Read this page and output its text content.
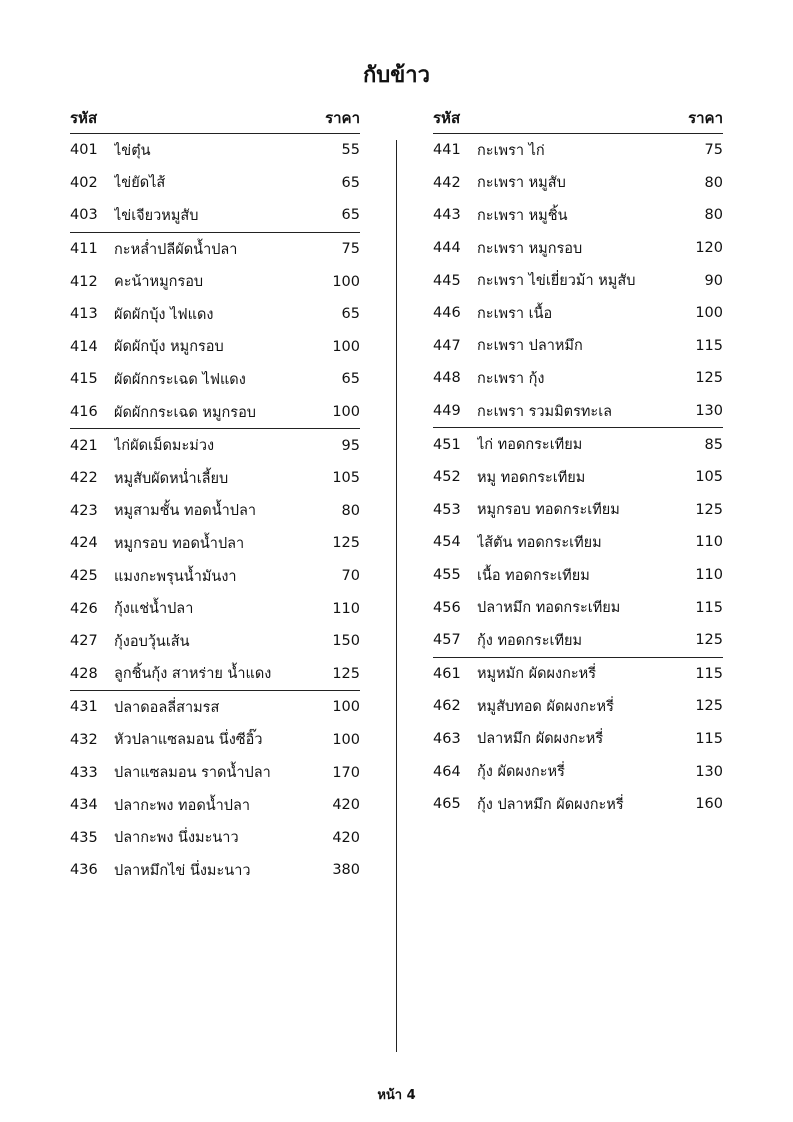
กับข้าว
รหัส	ราคา
401	ไข่ตุ๋น	55
402	ไข่ยัดไส้	65
403	ไข่เจียวหมูสับ	65
411	กะหล่ำปลีผัดน้ำปลา	75
412	คะน้าหมูกรอบ	100
413	ผัดผักบุ้ง ไฟแดง	65
414	ผัดผักบุ้ง หมูกรอบ	100
415	ผัดผักกระเฉด ไฟแดง	65
416	ผัดผักกระเฉด หมูกรอบ	100
421	ไก่ผัดเม็ดมะม่วง	95
422	หมูสับผัดหน่ำเลี้ยบ	105
423	หมูสามชั้น ทอดน้ำปลา	80
424	หมูกรอบ ทอดน้ำปลา	125
425	แมงกะพรุนน้ำมันงา	70
426	กุ้งแช่น้ำปลา	110
427	กุ้งอบวุ้นเส้น	150
428	ลูกชิ้นกุ้ง สาหร่าย น้ำแดง	125
431	ปลาดอลลี่สามรส	100
432	หัวปลาแซลมอน นึ่งซีอิ๊ว	100
433	ปลาแซลมอน ราดน้ำปลา	170
434	ปลากะพง ทอดน้ำปลา	420
435	ปลากะพง นึ่งมะนาว	420
436	ปลาหมึกไข่ นึ่งมะนาว	380
รหัส	ราคา
441	กะเพรา ไก่	75
442	กะเพรา หมูสับ	80
443	กะเพรา หมูชิ้น	80
444	กะเพรา หมูกรอบ	120
445	กะเพรา ไข่เยี่ยวม้า หมูสับ	90
446	กะเพรา เนื้อ	100
447	กะเพรา ปลาหมึก	115
448	กะเพรา กุ้ง	125
449	กะเพรา รวมมิตรทะเล	130
451	ไก่ ทอดกระเทียม	85
452	หมู ทอดกระเทียม	105
453	หมูกรอบ ทอดกระเทียม	125
454	ไส้ตัน ทอดกระเทียม	110
455	เนื้อ ทอดกระเทียม	110
456	ปลาหมึก ทอดกระเทียม	115
457	กุ้ง ทอดกระเทียม	125
461	หมูหมัก ผัดผงกะหรี่	115
462	หมูสับทอด ผัดผงกะหรี่	125
463	ปลาหมึก ผัดผงกะหรี่	115
464	กุ้ง ผัดผงกะหรี่	130
465	กุ้ง ปลาหมึก ผัดผงกะหรี่	160
หน้า 4
